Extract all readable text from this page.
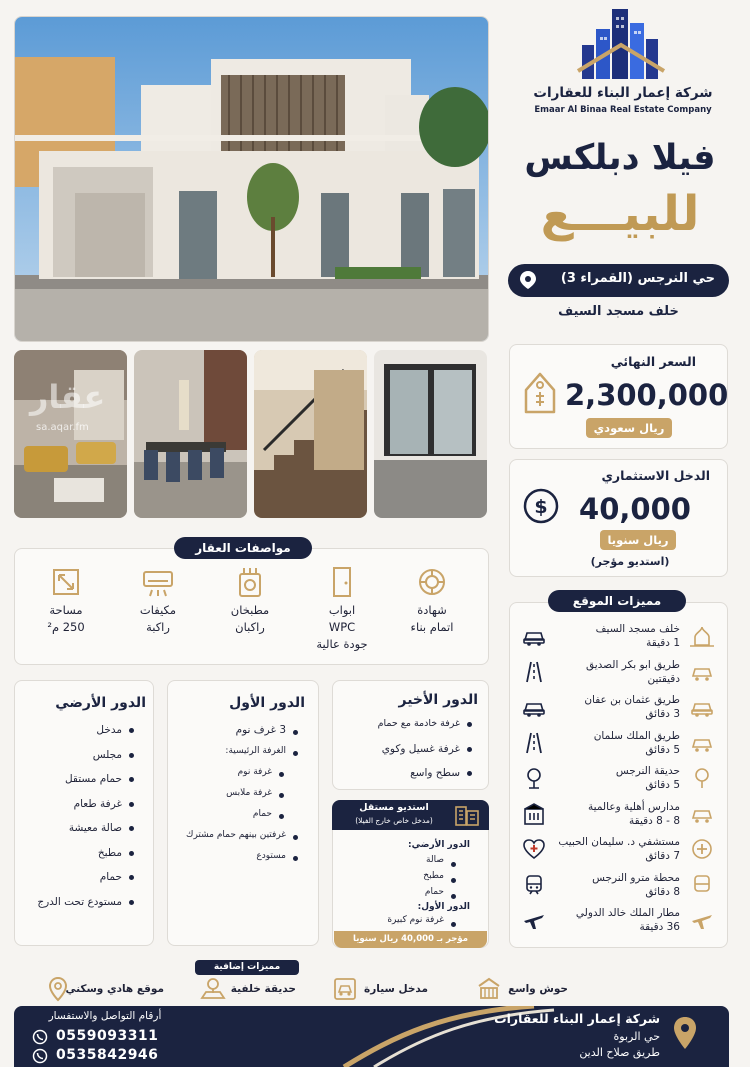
عقار
sa.aqar.fm
شركة إعمار البناء للعقارات
Emaar Al Binaa Real Estate Company
فيلا دبلكس
للبيـــع
حي النرجس (القمراء 3)
خلف مسجد السيف
السعر النهائي
2,300,000
ريال سعودي
الدخل الاستثماري
$	40,000
ريال سنويا
(استديو مؤجر)
مواصفات العقار
شهادة
اتمام بناء
ابواب
WPC
جودة عالية
مطبخان
راكبان
مكيفات
راكبة
مساحة
250 م²
الدور الأرضي
مدخل
مجلس
حمام مستقل
غرفة طعام
صالة معيشة
مطبخ
حمام
مستودع تحت الدرج
الدور الأول
3 غرف نوم
الغرفة الرئيسية:
غرفة نوم
غرفة ملابس
حمام
غرفتين بينهم حمام مشترك
مستودع
الدور الأخير
غرفة خادمة مع حمام
غرفة غسيل وكوي
سطح واسع
استديو مستقل
(مدخل خاص خارج الفيلا)
الدور الأرضي:
صالة
مطبخ
حمام
الدور الأول:
غرفة نوم كبيرة
مؤجر بـ 40,000 ريال سنويا
مميزات الموقع
خلف مسجد السيف
1 دقيقة
طريق ابو بكر الصديق
دقيقتين
طريق عثمان بن عفان
3 دقائق
طريق الملك سلمان
5 دقائق
حديقة النرجس
5 دقائق
مدارس أهلية وعالمية
8 - 8 دقيقة
مستشفي د. سليمان الحبيب
7 دقائق
محطة مترو النرجس
8 دقائق
مطار الملك خالد الدولي
36 دقيقة
مميزات إضافية
حوش واسع
مدخل سيارة
حديقة خلفية
موقع هادي وسكني
شركة إعمار البناء للعقارات
حي الربوة
طريق صلاح الدين
أرقام التواصل والاستفسار
0559093311
0535842946
